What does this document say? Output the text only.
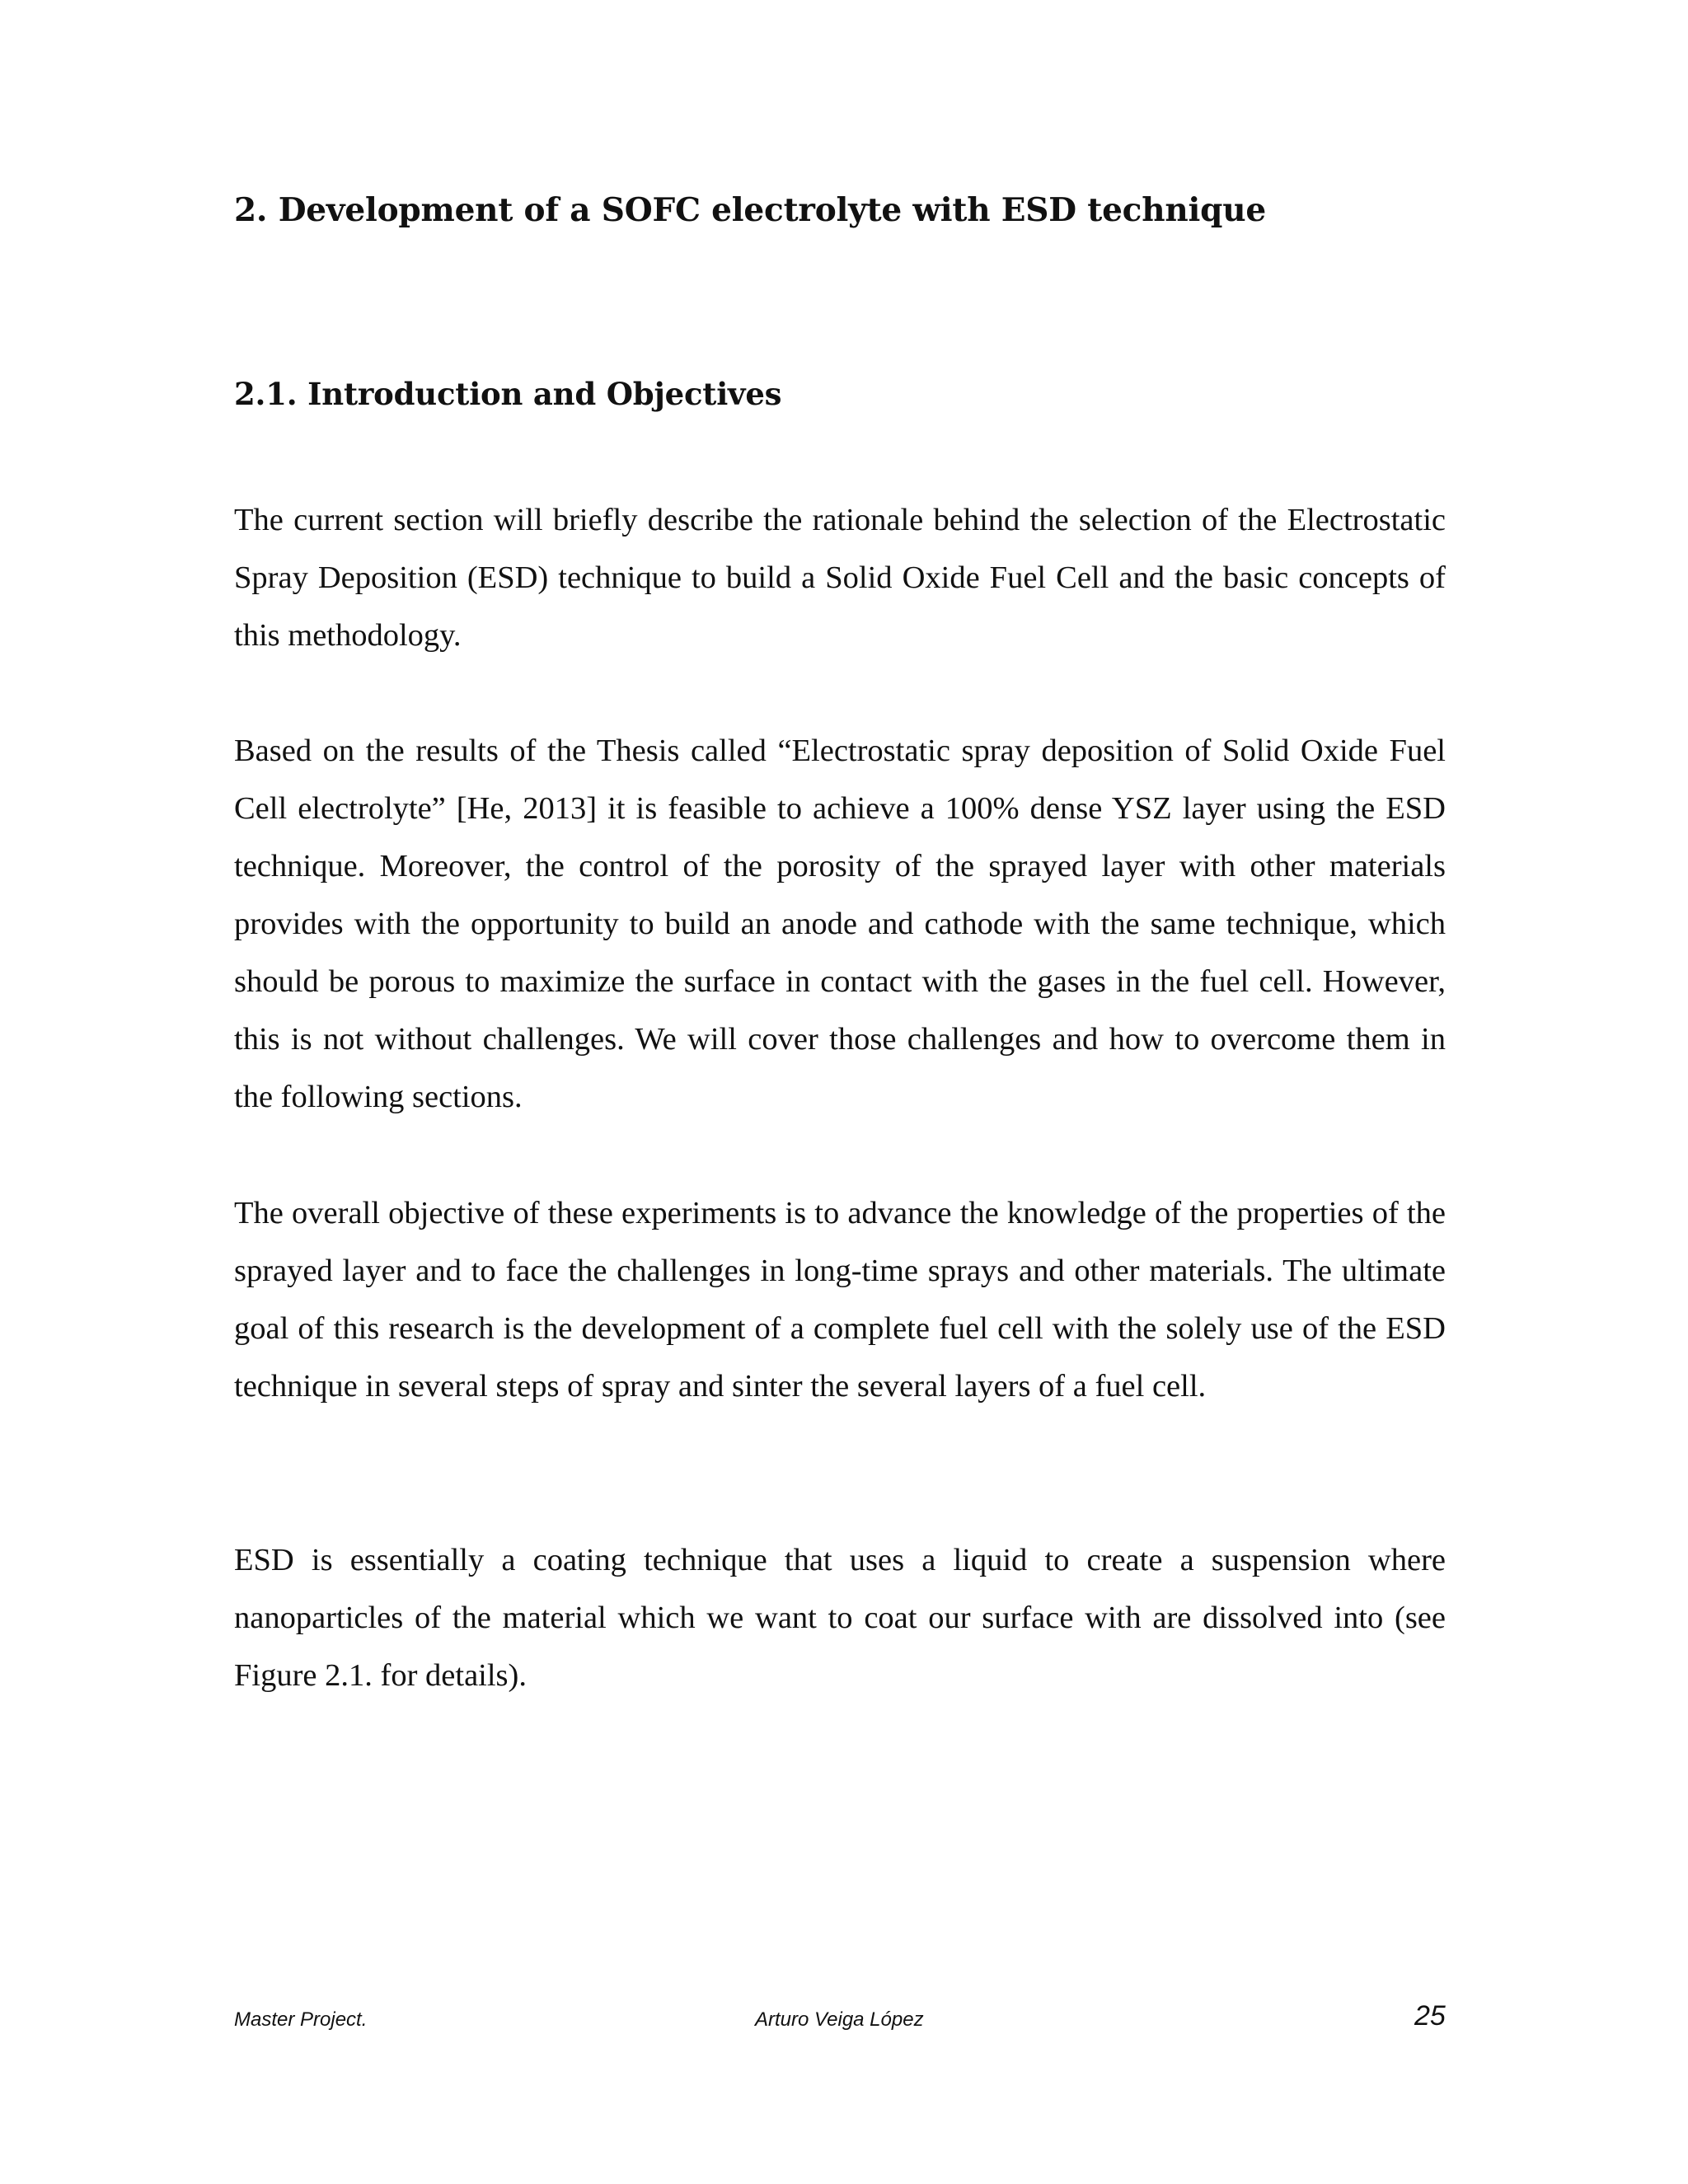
2. Development of a SOFC electrolyte with ESD technique
2.1. Introduction and Objectives

The current section will briefly describe the rationale behind the selection of the Electrostatic Spray Deposition (ESD) technique to build a Solid Oxide Fuel Cell and the basic concepts of this methodology.

Based on the results of the Thesis called “Electrostatic spray deposition of Solid Oxide Fuel Cell electrolyte” [He, 2013] it is feasible to achieve a 100% dense YSZ layer using the ESD technique. Moreover, the control of the porosity of the sprayed layer with other materials provides with the opportunity to build an anode and cathode with the same technique, which should be porous to maximize the surface in contact with the gases in the fuel cell. However, this is not without challenges. We will cover those challenges and how to overcome them in the following sections.

The overall objective of these experiments is to advance the knowledge of the properties of the sprayed layer and to face the challenges in long-time sprays and other materials. The ultimate goal of this research is the development of a complete fuel cell with the solely use of the ESD technique in several steps of spray and sinter the several layers of a fuel cell.

ESD is essentially a coating technique that uses a liquid to create a suspension where nanoparticles of the material which we want to coat our surface with are dissolved into (see Figure 2.1. for details).

Master Project.	Arturo Veiga López	25
